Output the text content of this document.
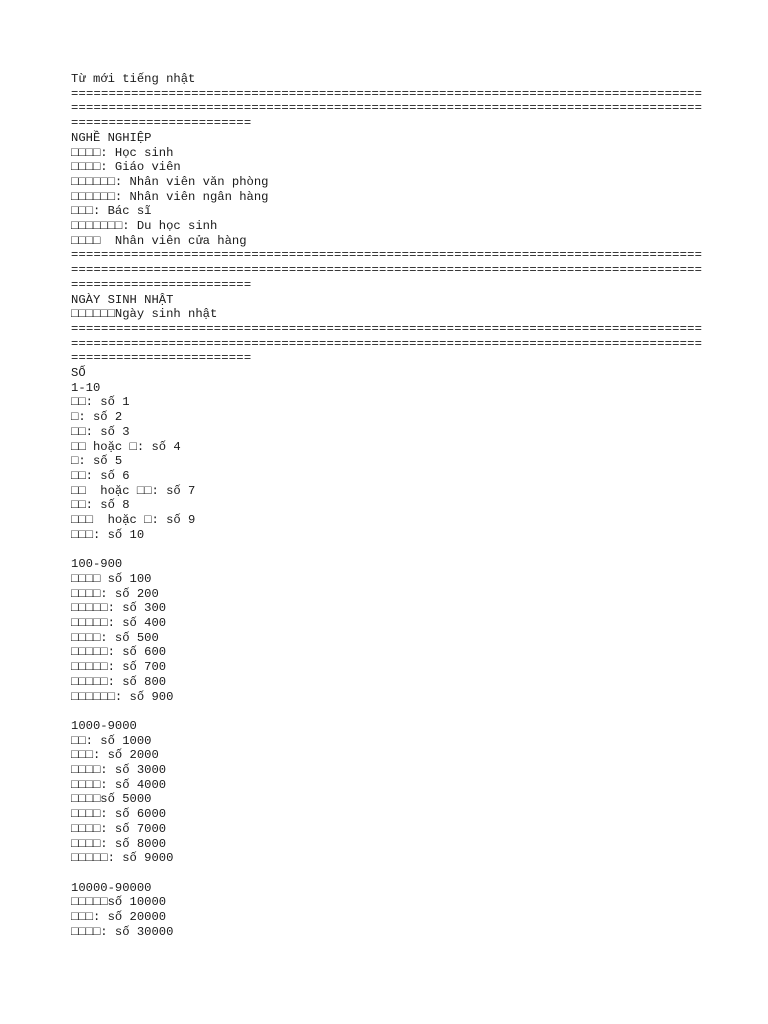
Từ mới tiếng nhật
====================================================================================
====================================================================================
========================
NGHỀ NGHIỆP
□□□□: Học sinh
□□□□: Giáo viên
□□□□□□: Nhân viên văn phòng
□□□□□□: Nhân viên ngân hàng
□□□: Bác sĩ
□□□□□□□: Du học sinh
□□□□  Nhân viên cửa hàng
====================================================================================
====================================================================================
========================
NGÀY SINH NHẬT
□□□□□□Ngày sinh nhật
====================================================================================
====================================================================================
========================
SỐ
1-10
□□: số 1
□: số 2
□□: số 3
□□ hoặc □: số 4
□: số 5
□□: số 6
□□  hoặc □□: số 7
□□: số 8
□□□  hoặc □: số 9
□□□: số 10
100-900
□□□□ số 100
□□□□: số 200
□□□□□: số 300
□□□□□: số 400
□□□□: số 500
□□□□□: số 600
□□□□□: số 700
□□□□□: số 800
□□□□□□: số 900
1000-9000
□□: số 1000
□□□: số 2000
□□□□: số 3000
□□□□: số 4000
□□□□số 5000
□□□□: số 6000
□□□□: số 7000
□□□□: số 8000
□□□□□: số 9000
10000-90000
□□□□□số 10000
□□□: số 20000
□□□□: số 30000
